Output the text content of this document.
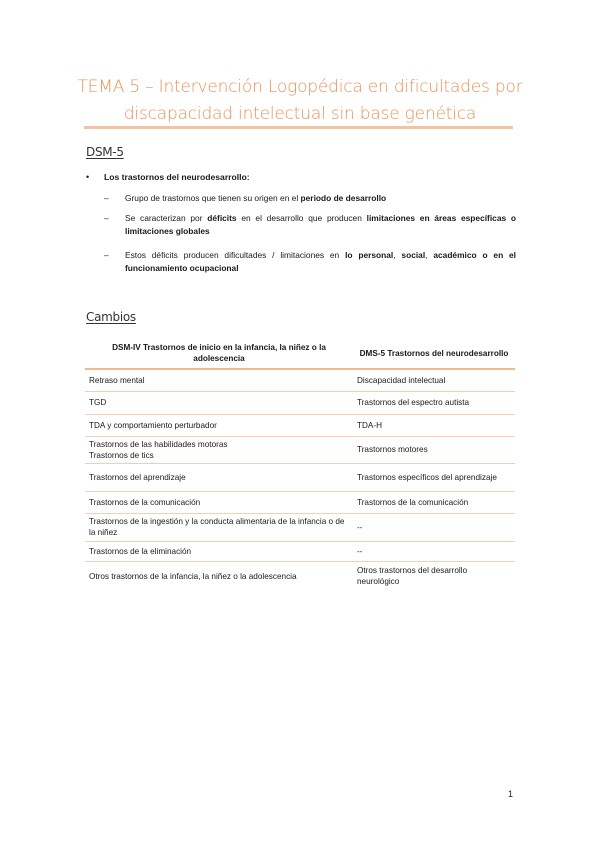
TEMA 5 – Intervención Logopédica en dificultades por
discapacidad intelectual sin base genética
DSM-5
• Los trastornos del neurodesarrollo:
– Grupo de trastornos que tienen su origen en el periodo de desarrollo
– Se caracterizan por déficits en el desarrollo que producen limitaciones en áreas específicas o limitaciones globales
– Estos déficits producen dificultades / limitaciones en lo personal, social, académico o en el funcionamiento ocupacional
Cambios
DSM-IV Trastornos de inicio en la infancia, la niñez o la adolescencia	DMS-5 Trastornos del neurodesarrollo
Retraso mental	Discapacidad intelectual
TGD	Trastornos del espectro autista
TDA y comportamiento perturbador	TDA-H

Trastornos de las habilidades motoras
Trastornos de tics	Trastornos motores
Trastornos del aprendizaje	Trastornos específicos del aprendizaje
Trastornos de la comunicación	Trastornos de la comunicación
Trastornos de la ingestión y la conducta alimentaria de la infancia o de la niñez	--
Trastornos de la eliminación	--
Otros trastornos de la infancia, la niñez o la adolescencia	Otros trastornos del desarrollo neurológico
1
